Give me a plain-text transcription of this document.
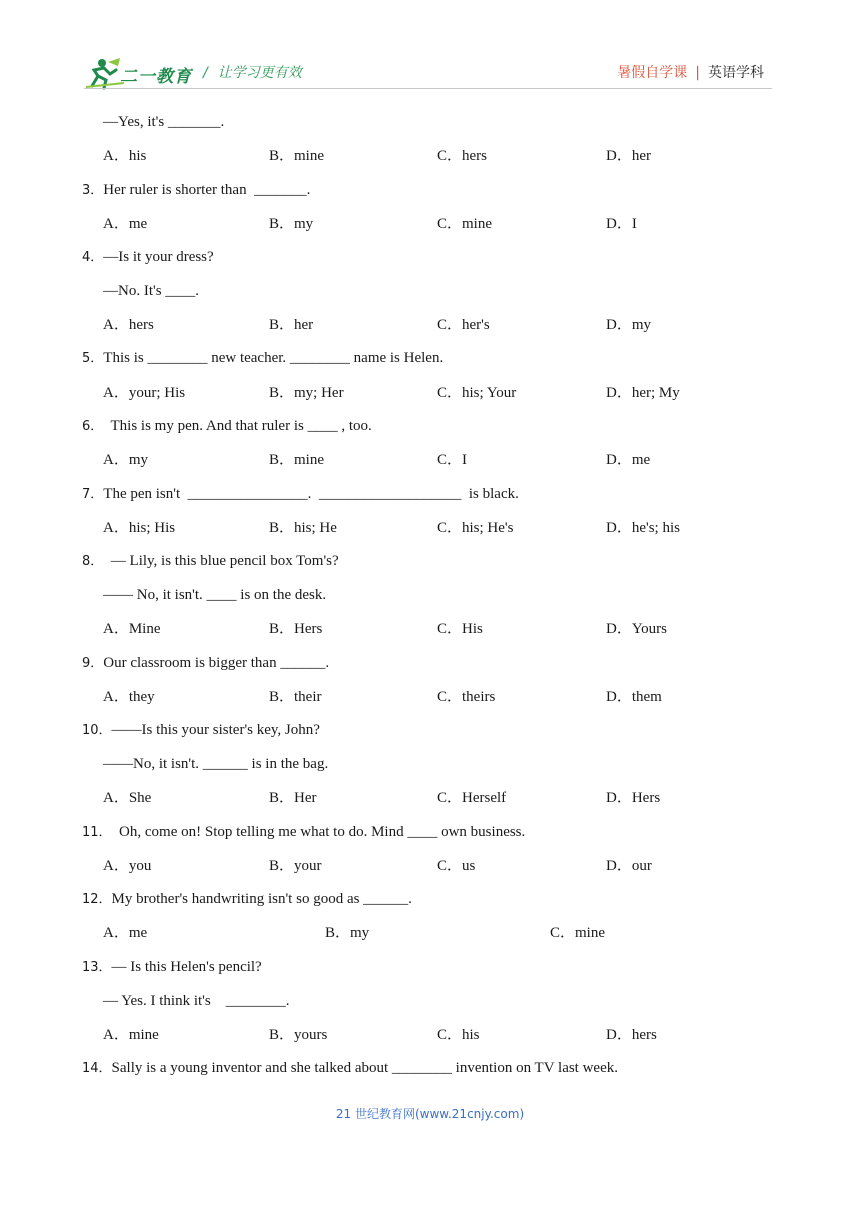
二一教育 / 让学习更有效	暑假自学课 | 英语学科
—Yes, it's _______.
A．his	B．mine	C．hers	D．her
3．Her ruler is shorter than  _______.
A．me	B．my	C．mine	D．I
4．—Is it your dress?
—No. It's ____.
A．hers	B．her	C．her's	D．my
5．This is ________ new teacher. ________ name is Helen.
A．your; His	B．my; Her	C．his; Your	D．her; My
6．  This is my pen. And that ruler is ____ , too.
A．my	B．mine	C．I	D．me
7．The pen isn't  ________________.  ___________________  is black.
A．his; His	B．his; He	C．his; He's	D．he's; his
8．  — Lily, is this blue pencil box Tom's?
—— No, it isn't. ____ is on the desk.
A．Mine	B．Hers	C．His	D．Yours
9．Our classroom is bigger than ______.
A．they	B．their	C．theirs	D．them
10．——Is this your sister's key, John?
——No, it isn't. ______ is in the bag.
A．She	B．Her	C．Herself	D．Hers
11．  Oh, come on! Stop telling me what to do. Mind ____ own business.
A．you	B．your	C．us	D．our
12．My brother's handwriting isn't so good as ______.
A．me	B．my	C．mine
13．— Is this Helen's pencil?
— Yes. I think it's    ________.
A．mine	B．yours	C．his	D．hers
14．Sally is a young inventor and she talked about ________ invention on TV last week.
21 世纪教育网(www.21cnjy.com)
